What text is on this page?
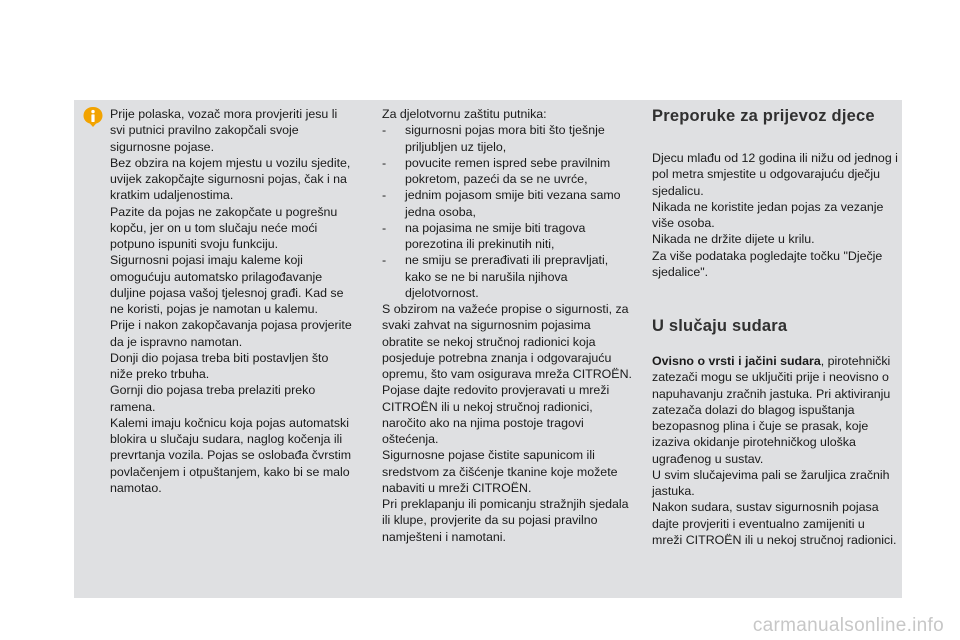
Prije polaska, vozač mora provjeriti jesu li svi putnici pravilno zakopčali svoje sigurnosne pojase.

Bez obzira na kojem mjestu u vozilu sjedite, uvijek zakopčajte sigurnosni pojas, čak i na kratkim udaljenostima.

Pazite da pojas ne zakopčate u pogrešnu kopču, jer on u tom slučaju neće moći potpuno ispuniti svoju funkciju.

Sigurnosni pojasi imaju kaleme koji omogućuju automatsko prilagođavanje duljine pojasa vašoj tjelesnoj građi. Kad se ne koristi, pojas je namotan u kalemu.

Prije i nakon zakopčavanja pojasa provjerite da je ispravno namotan.

Donji dio pojasa treba biti postavljen što niže preko trbuha.

Gornji dio pojasa treba prelaziti preko ramena.

Kalemi imaju kočnicu koja pojas automatski blokira u slučaju sudara, naglog kočenja ili prevrtanja vozila. Pojas se oslobađa čvrstim povlačenjem i otpuštanjem, kako bi se malo namotao.

Za djelotvornu zaštitu putnika:

- sigurnosni pojas mora biti što tješnje priljubljen uz tijelo,
- povucite remen ispred sebe pravilnim pokretom, pazeći da se ne uvrće,
- jednim pojasom smije biti vezana samo jedna osoba,
- na pojasima ne smije biti tragova porezotina ili prekinutih niti,
- ne smiju se prerađivati ili prepravljati, kako se ne bi narušila njihova djelotvornost.

S obzirom na važeće propise o sigurnosti, za svaki zahvat na sigurnosnim pojasima obratite se nekoj stručnoj radionici koja posjeduje potrebna znanja i odgovarajuću opremu, što vam osigurava mreža CITROËN.

Pojase dajte redovito provjeravati u mreži CITROËN ili u nekoj stručnoj radionici, naročito ako na njima postoje tragovi oštećenja.

Sigurnosne pojase čistite sapunicom ili sredstvom za čišćenje tkanine koje možete nabaviti u mreži CITROËN.

Pri preklapanju ili pomicanju stražnjih sjedala ili klupe, provjerite da su pojasi pravilno namješteni i namotani.

Preporuke za prijevoz djece

Djecu mlađu od 12 godina ili nižu od jednog i pol metra smjestite u odgovarajuću dječju sjedalicu.

Nikada ne koristite jedan pojas za vezanje više osoba.

Nikada ne držite dijete u krilu.

Za više podataka pogledajte točku "Dječje sjedalice".

U slučaju sudara

Ovisno o vrsti i jačini sudara, pirotehnički zatezači mogu se uključiti prije i neovisno o napuhavanju zračnih jastuka. Pri aktiviranju zatezača dolazi do blagog ispuštanja bezopasnog plina i čuje se prasak, koje izaziva okidanje pirotehničkog uloška ugrađenog u sustav.

U svim slučajevima pali se žaruljica zračnih jastuka.

Nakon sudara, sustav sigurnosnih pojasa dajte provjeriti i eventualno zamijeniti u mreži CITROËN ili u nekoj stručnoj radionici.

carmanualsonline.info
